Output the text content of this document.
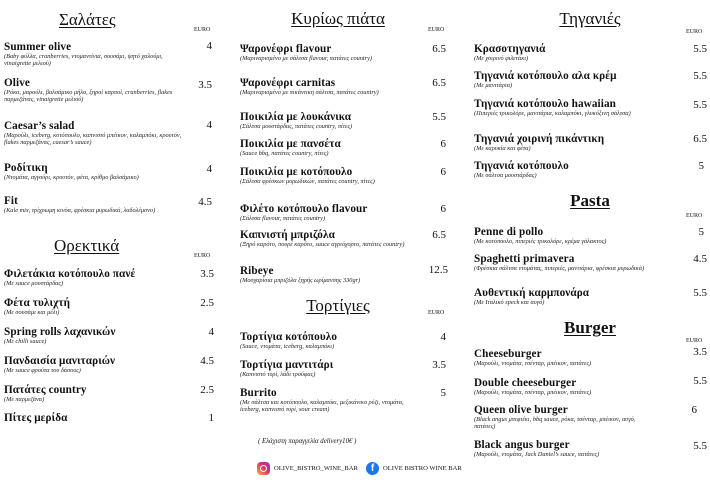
Σαλάτες
EURO
Summer olive
(Baby φύλλα, cranberries, ντομαντίνια, σουσάμι, ψητό χαλούμι, vinaigrette μελιού)
4
Olive
(Ρόκα, μαρούλι, βαλσάμικο μήλο, ξηροί καρποί, cranberries, flakes παρμεζάνας, vinaigrette μελιού)
3.5
Caesar’s salad
(Μαρούλι, iceberg, κοτόπουλο, καπνιστό μπέικον, καλαμπόκι, κρουτόν, flakes παρμεζάνας, caesar’s sauce)
4
Ροδίτικη
(Ντομάτα, αγγούρι, κρουτόν, φέτα, κρίθμο βαλσάμικο)
4
Fit
(Kale mix, τρίχρωμη κινόα, φρέσκια μυρωδικά, λαδολέμονο)
4.5
Ορεκτικά
EURO
Φιλετάκια κοτόπουλο πανέ
(Με sauce μουστάρδας)
3.5
Φέτα τυλιχτή
(Με σουσάμι και μέλι)
2.5
Spring rolls λαχανικών
(Με chilli sauce)
4
Πανδαισία μανιταριών
(Με sauce φρούτα του δάσους)
4.5
Πατάτες country
(Με παρμεζάνα)
2.5
Πίτες μερίδα	1
Κυρίως πιάτα
EURO
Ψαρονέφρι flavour
(Μαριναρισμένο με σάλτσα flavour, πατάτες country)
6.5
Ψαρονέφρι carnitas
(Μαριναρισμένο με πικάντικη σάλτσα, πατάτες country)
6.5
Ποικιλία με λουκάνικα
(Σάλτσα μουστάρδας, πατάτες country, πίτες)
5.5
Ποικιλία με πανσέτα
(Sauce bbq, πατάτες country, πίτες)
6
Ποικιλία με κοτόπουλο
(Σάλτσα φρέσκων μυρωδικών, πατάτες country, πίτες)
6
Φιλέτο κοτόπουλο flavour
(Σάλτσα flavour, πατάτες country)
6
Καπνιστή μπριζόλα
(Ξηρό καρότο, πουρέ καρότο, sauce αγριόχορτο, πατάτες country)
6.5
Ribeye
(Μοσχαρίσια μπριζόλα ξηρής ωρίμανσης 330gr)
12.5
Τορτίγιες	EURO
Τορτίγια κοτόπουλο
(Sauce, ντομάτα, iceberg, καλαμπόκι)
4
Τορτίγια μαντιτάρι
(Καπνιστό τυρί, λάδι τρούφας)
3.5
Burrito
(Με σάλτσα και κοτόπουλο, καλαμπόκι, μεξικάνικο ρύζι, ντομάτα, iceberg, καπνιστό τυρί, sour cream)
5
Τηγανιές
EURO
Κρασοτηγανιά
(Με χοιρινό φιλετάκι)
5.5
Τηγανιά κοτόπουλο αλα κρέμ
(Με μανιτάρια)
5.5
Τηγανιά κοτόπουλο hawaiian
(Πιπεριές τρικολόρε, μανιτάρια, καλαμπόκι, γλυκόξινη σάλτσα)
5.5
Τηγανιά χοιρινή πικάντικη
(Με καρυκία και φέτα)
6.5
Τηγανιά κοτόπουλο
(Με σάλτσα μουστάρδας)
5
Pasta
EURO
Penne di pollo
(Με κοτόπουλο, πιπεριές τρικολόρε, κρέμα γάλακτος)
5
Spaghetti primavera
(Φρέσκια σάλτσα ντομάτας, πιπεριές, μανιτάρια, φρέσκια μυρωδικά)
4.5
Αυθεντική καρμπονάρα
(Με Ιταλικό speck και αυγό)
5.5
Burger
EURO
Cheeseburger
(Μαρούλι, ντομάτα, τσένταρ, μπέικον, πατάτες)
3.5
Double cheeseburger
(Μαρούλι, ντομάτα, τσένταρ, μπέικον, πατάτες)
5.5
Queen olive burger
(Black angus μπιφτέκι, bbq sauce, ρόκα, τσένταρ, μπέικον, αυγό, πατάτες)
6
Black angus burger
(Μαρούλι, ντομάτα, Jack Daniel’s sauce, πατάτες)
5.5
( Ελάχιστη παραγγελία delivery10€ )
OLIVE_BISTRO_WINE_BAR	f	OLIVE BISTRO WINE BAR
